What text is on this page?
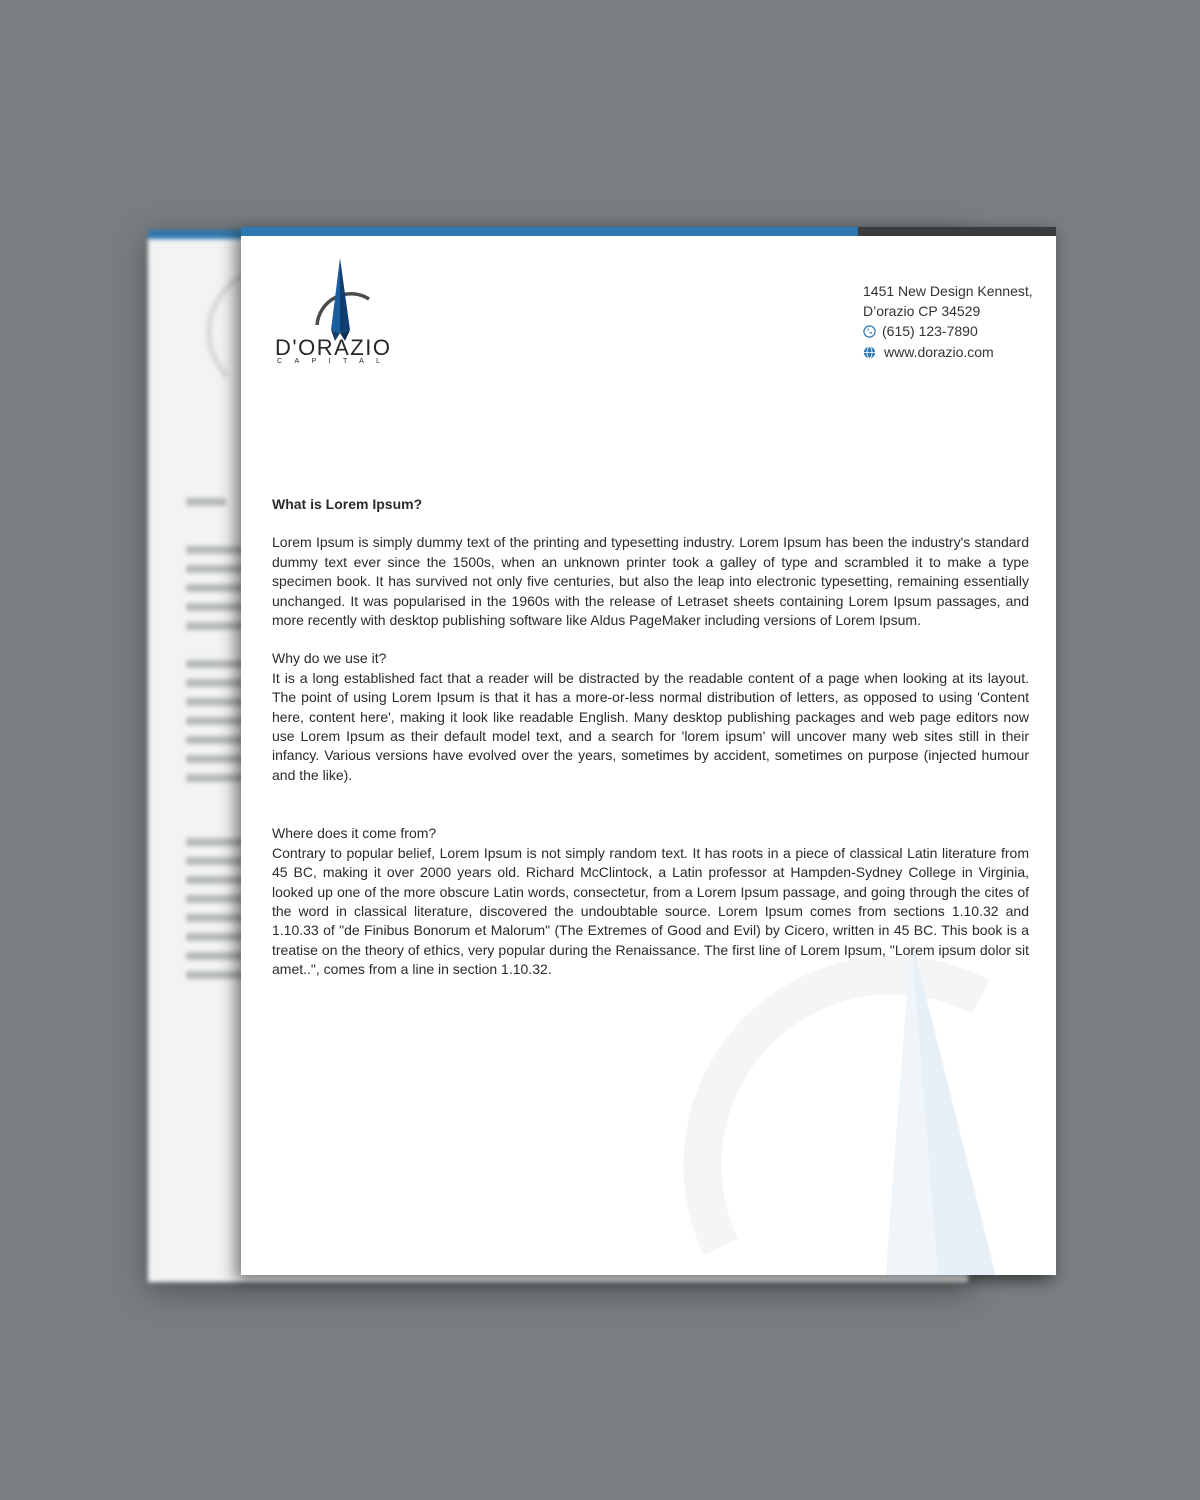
D'ORAZIO
CAPITAL
1451 New Design Kennest,
D’orazio CP 34529
(615) 123-7890
www.dorazio.com

What is Lorem Ipsum?

Lorem Ipsum is simply dummy text of the printing and typesetting industry. Lorem Ipsum has been the industry's standard dummy text ever since the 1500s, when an unknown printer took a galley of type and scrambled it to make a type specimen book. It has survived not only five centuries, but also the leap into electronic typesetting, remaining essentially unchanged. It was popularised in the 1960s with the release of Letraset sheets containing Lorem Ipsum passages, and more recently with desktop publishing software like Aldus PageMaker including versions of Lorem Ipsum.

Why do we use it?

It is a long established fact that a reader will be distracted by the readable content of a page when looking at its layout. The point of using Lorem Ipsum is that it has a more-or-less normal distribution of letters, as opposed to using 'Content here, content here', making it look like readable English. Many desktop publishing packages and web page editors now use Lorem Ipsum as their default model text, and a search for 'lorem ipsum' will uncover many web sites still in their infancy. Various versions have evolved over the years, sometimes by accident, sometimes on purpose (injected humour and the like).

Where does it come from?

Contrary to popular belief, Lorem Ipsum is not simply random text. It has roots in a piece of classical Latin literature from 45 BC, making it over 2000 years old. Richard McClintock, a Latin professor at Hampden-Sydney College in Virginia, looked up one of the more obscure Latin words, consectetur, from a Lorem Ipsum passage, and going through the cites of the word in classical literature, discovered the undoubtable source. Lorem Ipsum comes from sections 1.10.32 and 1.10.33 of "de Finibus Bonorum et Malorum" (The Extremes of Good and Evil) by Cicero, written in 45 BC. This book is a treatise on the theory of ethics, very popular during the Renaissance. The first line of Lorem Ipsum, "Lorem ipsum dolor sit amet..", comes from a line in section 1.10.32.
